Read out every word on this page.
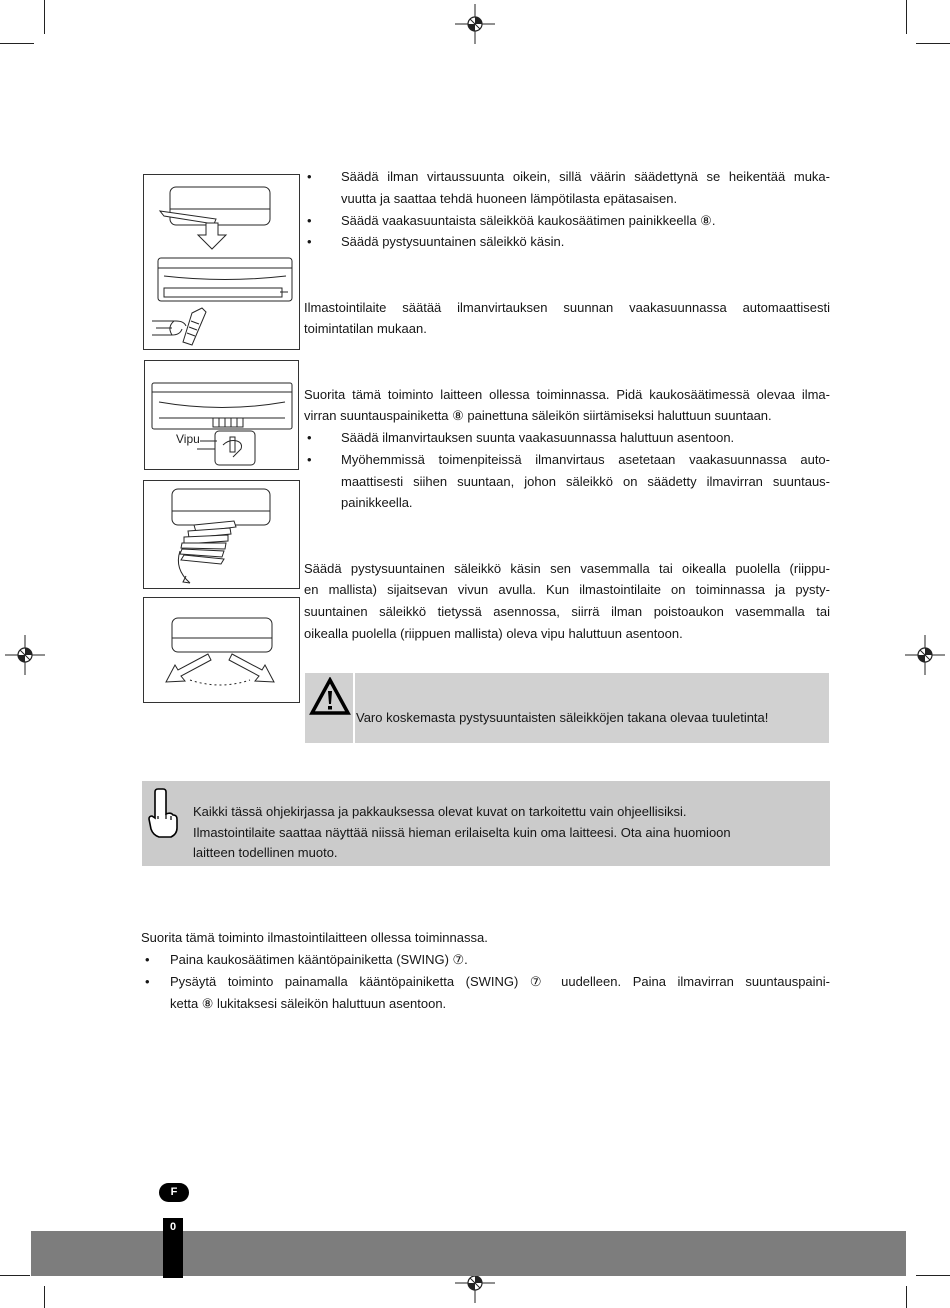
Vipu
• Säädä ilman virtaussuunta oikein, sillä väärin säädettynä se heikentää muka-
vuutta ja saattaa tehdä huoneen lämpötilasta epätasaisen.
• Säädä vaakasuuntaista säleikköä kaukosäätimen painikkeella ⑧.
• Säädä pystysuuntainen säleikkö käsin.
Ilmastointilaite säätää ilmanvirtauksen suunnan vaakasuunnassa automaattisesti
toimintatilan mukaan.
Suorita tämä toiminto laitteen ollessa toiminnassa. Pidä kaukosäätimessä olevaa ilma-
virran suuntauspainiketta ⑧ painettuna säleikön siirtämiseksi haluttuun suuntaan.
• Säädä ilmanvirtauksen suunta vaakasuunnassa haluttuun asentoon.
• Myöhemmissä toimenpiteissä ilmanvirtaus asetetaan vaakasuunnassa auto-
maattisesti siihen suuntaan, johon säleikkö on säädetty ilmavirran suuntaus-
painikkeella.
Säädä pystysuuntainen säleikkö käsin sen vasemmalla tai oikealla puolella (riippu-
en mallista) sijaitsevan vivun avulla. Kun ilmastointilaite on toiminnassa ja pysty-
suuntainen säleikkö tietyssä asennossa, siirrä ilman poistoaukon vasemmalla tai
oikealla puolella (riippuen mallista) oleva vipu haluttuun asentoon.
Varo koskemasta pystysuuntaisten säleikköjen takana olevaa tuuletinta!
Kaikki tässä ohjekirjassa ja pakkauksessa olevat kuvat on tarkoitettu vain ohjeellisiksi.
Ilmastointilaite saattaa näyttää niissä hieman erilaiselta kuin oma laitteesi. Ota aina huomioon
laitteen todellinen muoto.
Suorita tämä toiminto ilmastointilaitteen ollessa toiminnassa.
• Paina kaukosäätimen kääntöpainiketta (SWING) ⑦.
• Pysäytä toiminto painamalla kääntöpainiketta (SWING) ⑦ uudelleen. Paina ilmavirran suuntauspaini-
ketta ⑧ lukitaksesi säleikön haluttuun asentoon.
F
0
